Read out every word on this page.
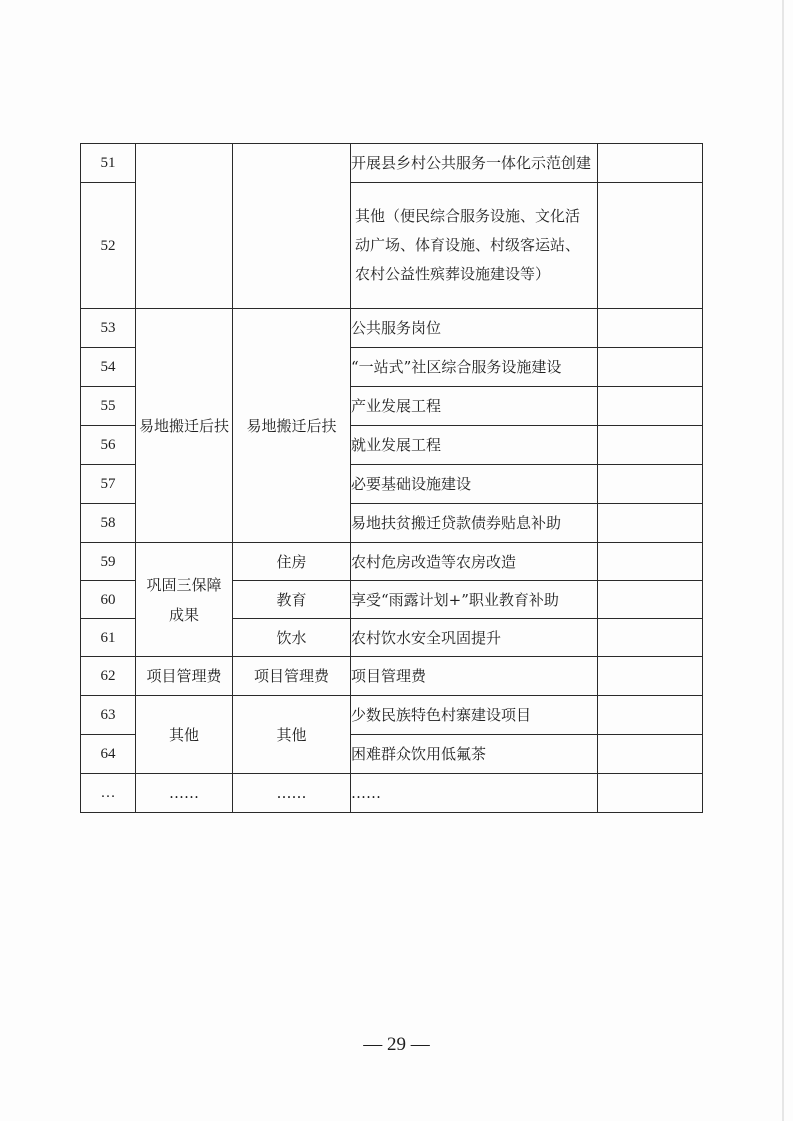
51			开展县乡村公共服务一体化示范创建	
52			其他（便民综合服务设施、文化活动广场、体育设施、村级客运站、农村公益性殡葬设施建设等）	
53	易地搬迁后扶	易地搬迁后扶	公共服务岗位	
54			“一站式”社区综合服务设施建设	
55			产业发展工程	
56			就业发展工程	
57			必要基础设施建设	
58			易地扶贫搬迁贷款债券贴息补助	
59	巩固三保障成果	住房	农村危房改造等农房改造	
60		教育	享受“雨露计划+”职业教育补助	
61		饮水	农村饮水安全巩固提升	
62	项目管理费	项目管理费	项目管理费	
63	其他	其他	少数民族特色村寨建设项目	
64			困难群众饮用低氟茶	
…	……	……	……	
— 29 —
